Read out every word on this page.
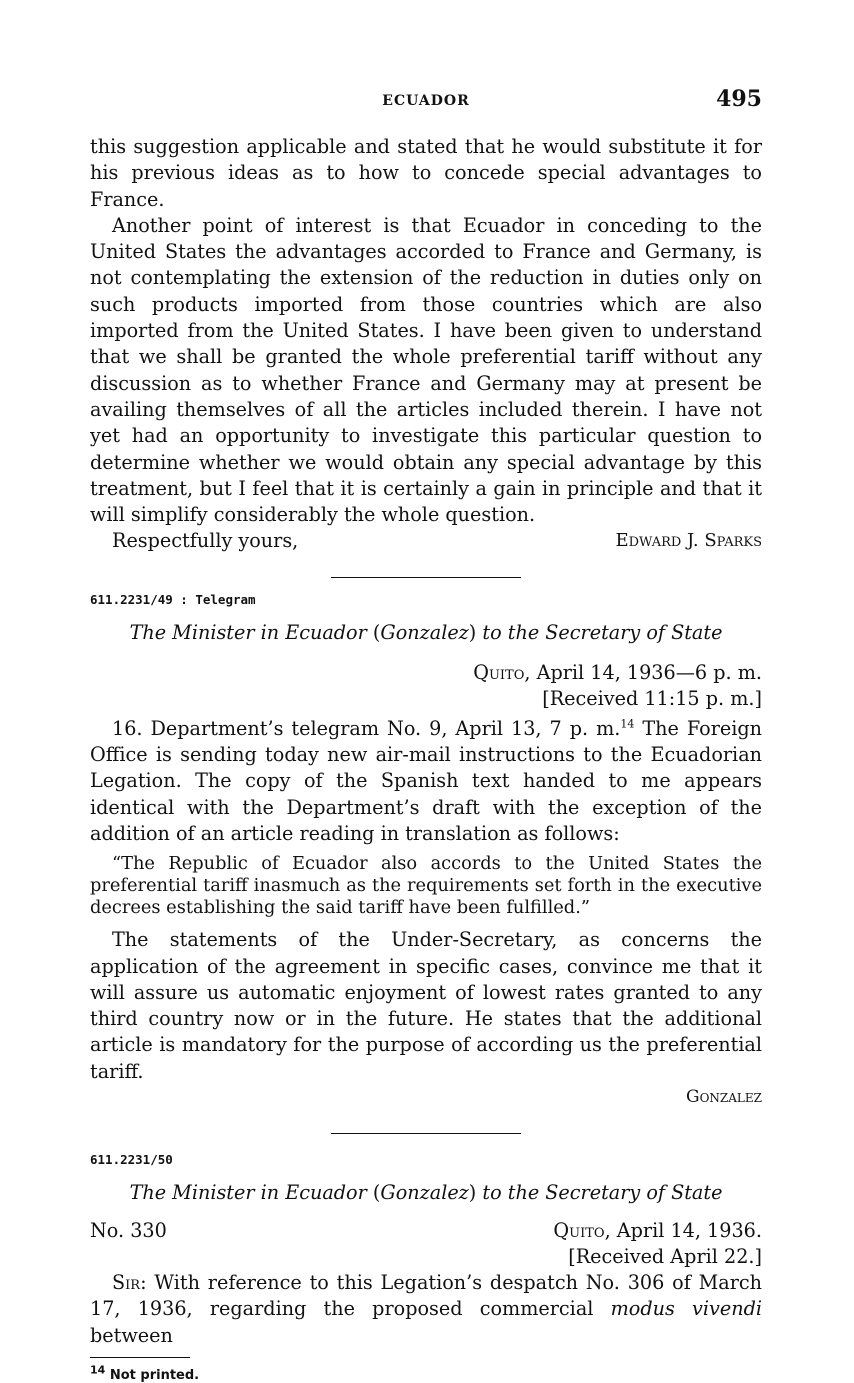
ECUADOR	495

this suggestion applicable and stated that he would substitute it for his previous ideas as to how to concede special advantages to France.

Another point of interest is that Ecuador in conceding to the United States the advantages accorded to France and Germany, is not contemplating the extension of the reduction in duties only on such products imported from those countries which are also imported from the United States. I have been given to understand that we shall be granted the whole preferential tariff without any discussion as to whether France and Germany may at present be availing themselves of all the articles included therein. I have not yet had an opportunity to investigate this particular question to determine whether we would obtain any special advantage by this treatment, but I feel that it is certainly a gain in principle and that it will simplify considerably the whole question.

Respectfully yours,	Edward J. Sparks
611.2231/49 : Telegram
The Minister in Ecuador (Gonzalez) to the Secretary of State
Quito, April 14, 1936—6 p. m.
[Received 11:15 p. m.]

16. Department’s telegram No. 9, April 13, 7 p. m.$^{14}$ The Foreign Office is sending today new air-mail instructions to the Ecuadorian Legation. The copy of the Spanish text handed to me appears identical with the Department’s draft with the exception of the addition of an article reading in translation as follows:

“The Republic of Ecuador also accords to the United States the preferential tariff inasmuch as the requirements set forth in the executive decrees establishing the said tariff have been fulfilled.”

The statements of the Under-Secretary, as concerns the application of the agreement in specific cases, convince me that it will assure us automatic enjoyment of lowest rates granted to any third country now or in the future. He states that the additional article is mandatory for the purpose of according us the preferential tariff.

Gonzalez
611.2231/50
The Minister in Ecuador (Gonzalez) to the Secretary of State
No. 330	Quito, April 14, 1936.
[Received April 22.]

Sir: With reference to this Legation’s despatch No. 306 of March 17, 1936, regarding the proposed commercial modus vivendi between

$^{14}$ Not printed.
